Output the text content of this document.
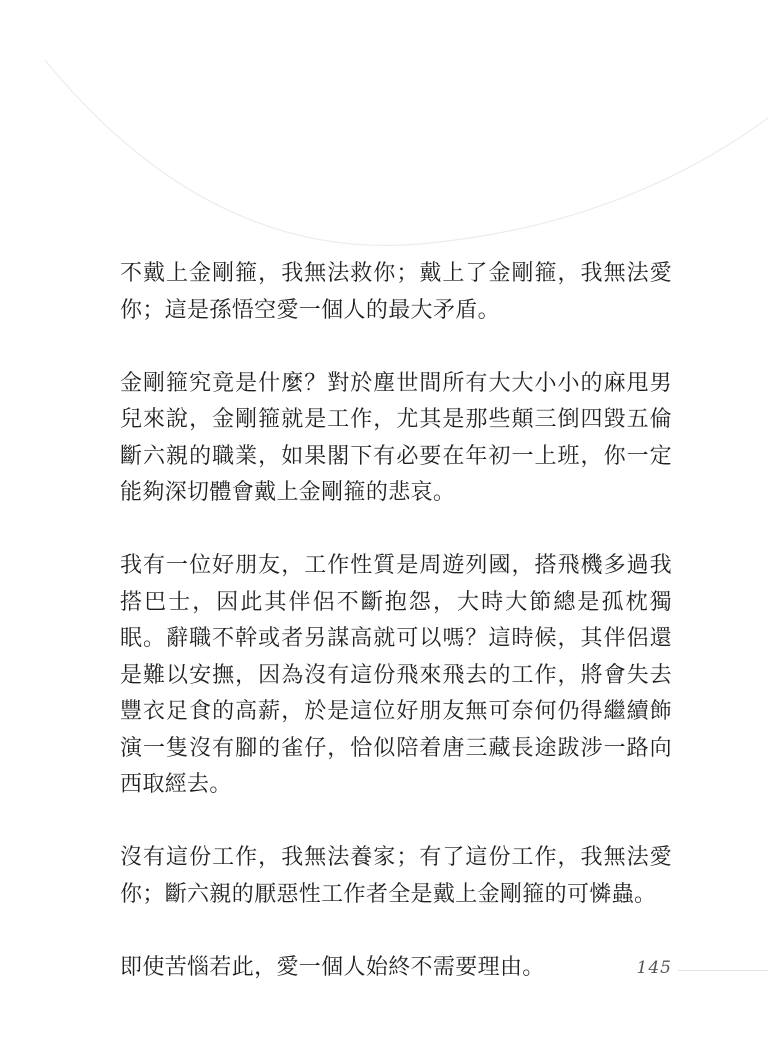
不戴上金剛箍，我無法救你；戴上了金剛箍，我無法愛你；這是孫悟空愛一個人的最大矛盾。

金剛箍究竟是什麼？對於塵世間所有大大小小的麻甩男兒來說，金剛箍就是工作，尤其是那些顛三倒四毀五倫斷六親的職業，如果閣下有必要在年初一上班，你一定能夠深切體會戴上金剛箍的悲哀。

我有一位好朋友，工作性質是周遊列國，搭飛機多過我搭巴士，因此其伴侶不斷抱怨，大時大節總是孤枕獨眠。辭職不幹或者另謀高就可以嗎？這時候，其伴侶還是難以安撫，因為沒有這份飛來飛去的工作，將會失去豐衣足食的高薪，於是這位好朋友無可奈何仍得繼續飾演一隻沒有腳的雀仔，恰似陪着唐三藏長途跋涉一路向西取經去。

沒有這份工作，我無法養家；有了這份工作，我無法愛你；斷六親的厭惡性工作者全是戴上金剛箍的可憐蟲。

即使苦惱若此，愛一個人始終不需要理由。	145
